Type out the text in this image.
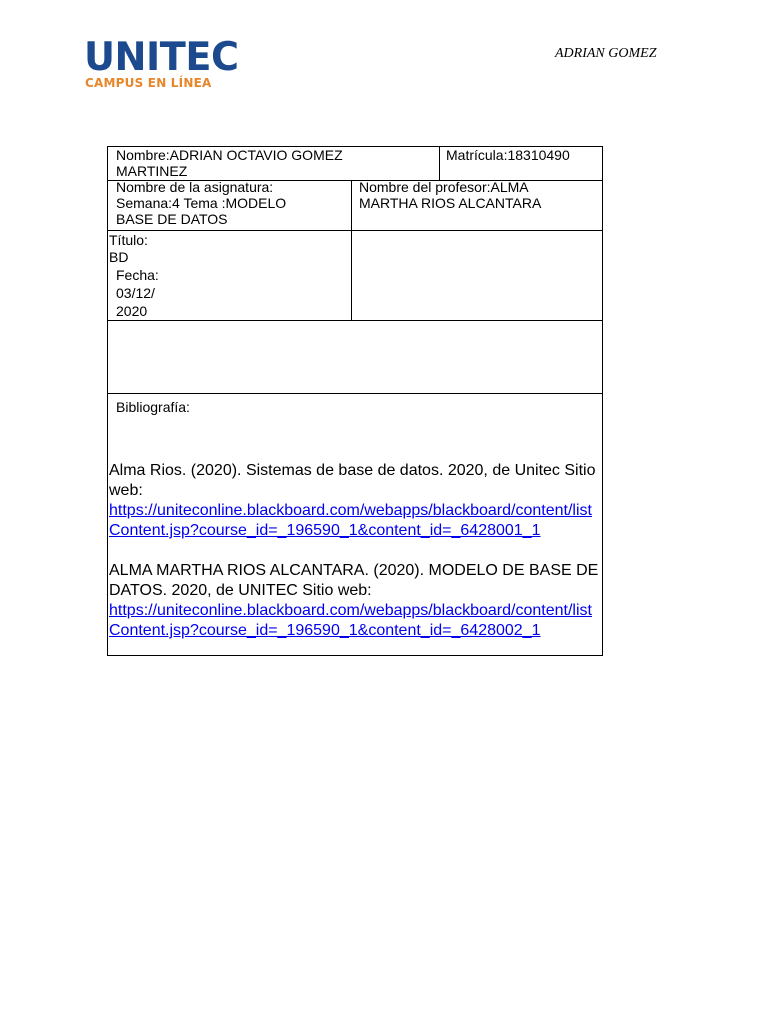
UNITEC
CAMPUS EN LÍNEA
ADRIAN GOMEZ
Nombre:ADRIAN OCTAVIO GOMEZ
MARTINEZ
Matrícula:18310490
Nombre de la asignatura:
Semana:4 Tema :MODELO
BASE DE DATOS
Nombre del profesor:ALMA
MARTHA RIOS ALCANTARA
Título:
BD
Fecha:
03/12/
2020
Bibliografía:

Alma Rios. (2020). Sistemas de base de datos. 2020, de Unitec Sitio web:
https://uniteconline.blackboard.com/webapps/blackboard/content/listContent.jsp?course_id=_196590_1&content_id=_6428001_1

ALMA MARTHA RIOS ALCANTARA. (2020). MODELO DE BASE DE DATOS. 2020, de UNITEC Sitio web:
https://uniteconline.blackboard.com/webapps/blackboard/content/listContent.jsp?course_id=_196590_1&content_id=_6428002_1
